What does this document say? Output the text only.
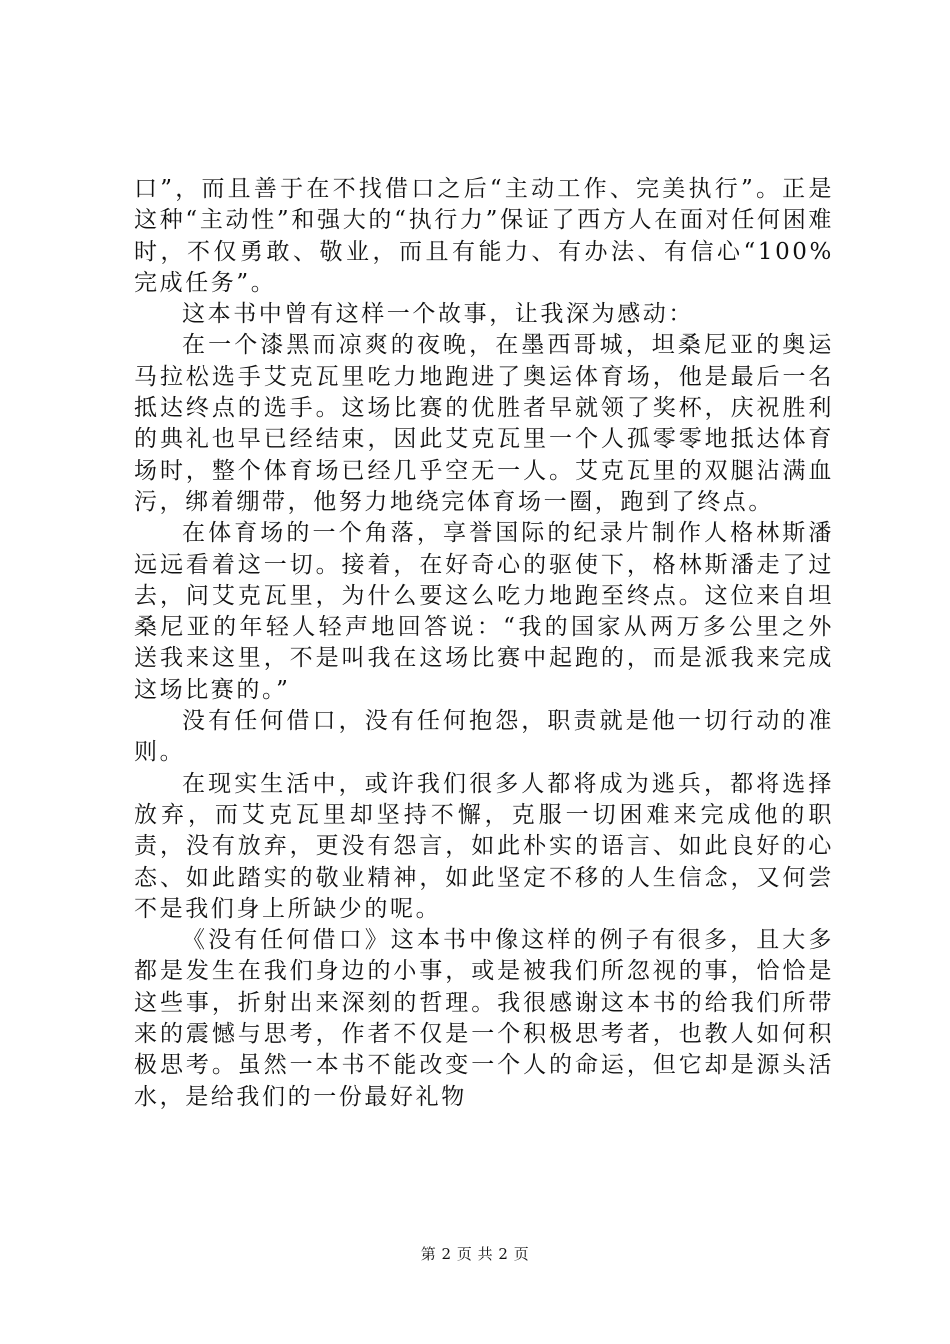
口”，而且善于在不找借口之后“主动工作、完美执行”。正是这种“主动性”和强大的“执行力”保证了西方人在面对任何困难时，不仅勇敢、敬业，而且有能力、有办法、有信心“100%完成任务”。

这本书中曾有这样一个故事，让我深为感动：

在一个漆黑而凉爽的夜晚，在墨西哥城，坦桑尼亚的奥运马拉松选手艾克瓦里吃力地跑进了奥运体育场，他是最后一名抵达终点的选手。这场比赛的优胜者早就领了奖杯，庆祝胜利的典礼也早已经结束，因此艾克瓦里一个人孤零零地抵达体育场时，整个体育场已经几乎空无一人。艾克瓦里的双腿沾满血污，绑着绷带，他努力地绕完体育场一圈，跑到了终点。

在体育场的一个角落，享誉国际的纪录片制作人格林斯潘远远看着这一切。接着，在好奇心的驱使下，格林斯潘走了过去，问艾克瓦里，为什么要这么吃力地跑至终点。这位来自坦桑尼亚的年轻人轻声地回答说：“我的国家从两万多公里之外送我来这里，不是叫我在这场比赛中起跑的，而是派我来完成这场比赛的。”

没有任何借口，没有任何抱怨，职责就是他一切行动的准则。

在现实生活中，或许我们很多人都将成为逃兵，都将选择放弃，而艾克瓦里却坚持不懈，克服一切困难来完成他的职责，没有放弃，更没有怨言，如此朴实的语言、如此良好的心态、如此踏实的敬业精神，如此坚定不移的人生信念，又何尝不是我们身上所缺少的呢。

《没有任何借口》这本书中像这样的例子有很多，且大多都是发生在我们身边的小事，或是被我们所忽视的事，恰恰是这些事，折射出来深刻的哲理。我很感谢这本书的给我们所带来的震憾与思考，作者不仅是一个积极思考者，也教人如何积极思考。虽然一本书不能改变一个人的命运，但它却是源头活水，是给我们的一份最好礼物

第 2 页 共 2 页
